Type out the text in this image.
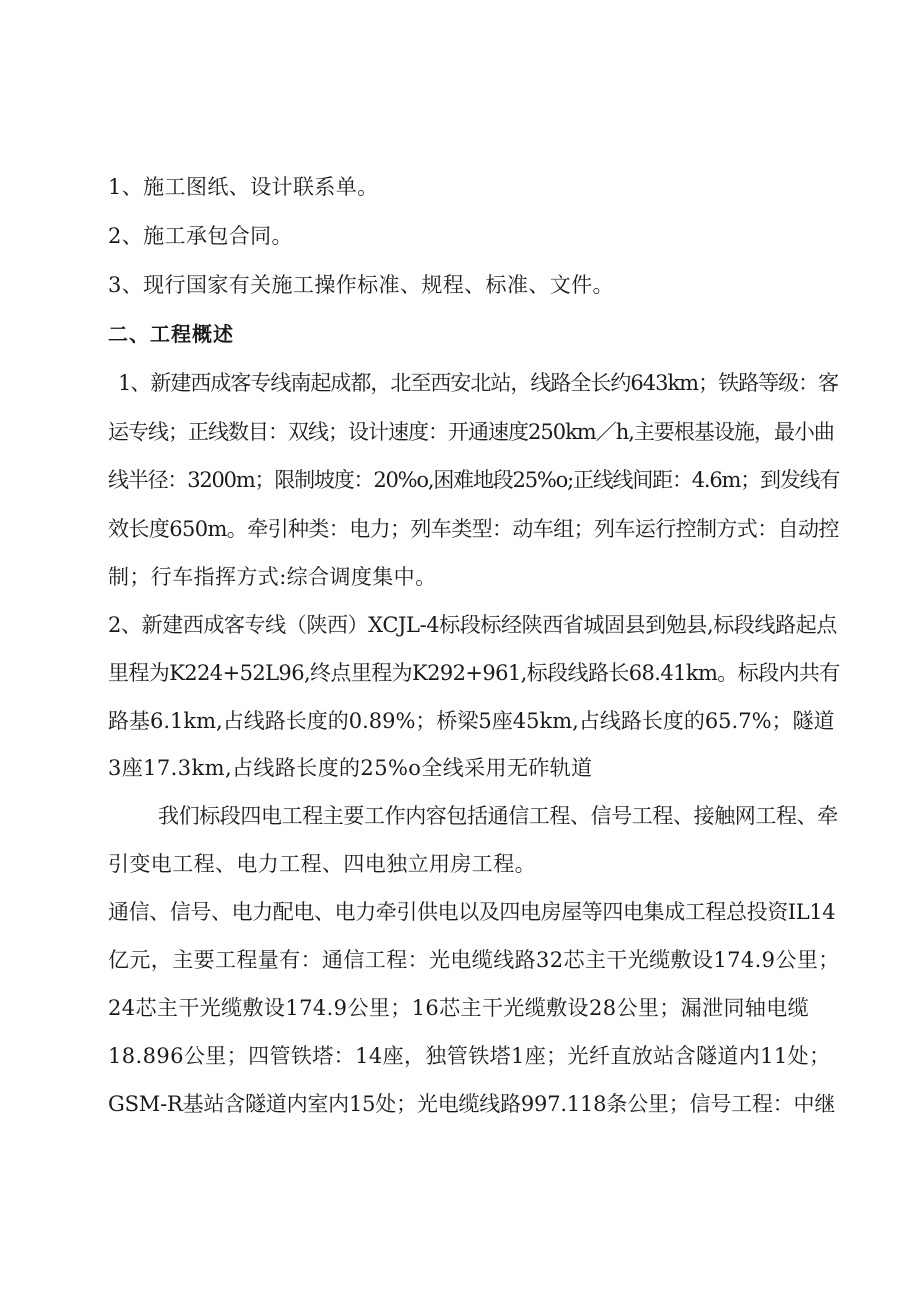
1、施工图纸、设计联系单。
2、施工承包合同。
3、现行国家有关施工操作标准、规程、标准、文件。
二、工程概述
1、新建西成客专线南起成都，北至西安北站，线路全长约643km；铁路等级：客
运专线；正线数目：双线；设计速度：开通速度250km／h,主要根基设施，最小曲
线半径：3200m；限制坡度：20%o,困难地段25%o;正线线间距：4.6m；到发线有
效长度650m。牵引种类：电力；列车类型：动车组；列车运行控制方式：自动控
制；行车指挥方式:综合调度集中。
2、新建西成客专线（陕西）XCJL-4标段标经陕西省城固县到勉县,标段线路起点
里程为K224+52L96,终点里程为K292+961,标段线路长68.41km。标段内共有
路基6.1km,占线路长度的0.89%；桥梁5座45km,占线路长度的65.7%；隧道
3座17.3km,占线路长度的25%o全线采用无砟轨道
我们标段四电工程主要工作内容包括通信工程、信号工程、接触网工程、牵
引变电工程、电力工程、四电独立用房工程。
通信、信号、电力配电、电力牵引供电以及四电房屋等四电集成工程总投资IL14
亿元，主要工程量有：通信工程：光电缆线路32芯主干光缆敷设174.9公里；
24芯主干光缆敷设174.9公里；16芯主干光缆敷设28公里；漏泄同轴电缆
18.896公里；四管铁塔：14座，独管铁塔1座；光纤直放站含隧道内11处；
GSM-R基站含隧道内室内15处；光电缆线路997.118条公里；信号工程：中继
